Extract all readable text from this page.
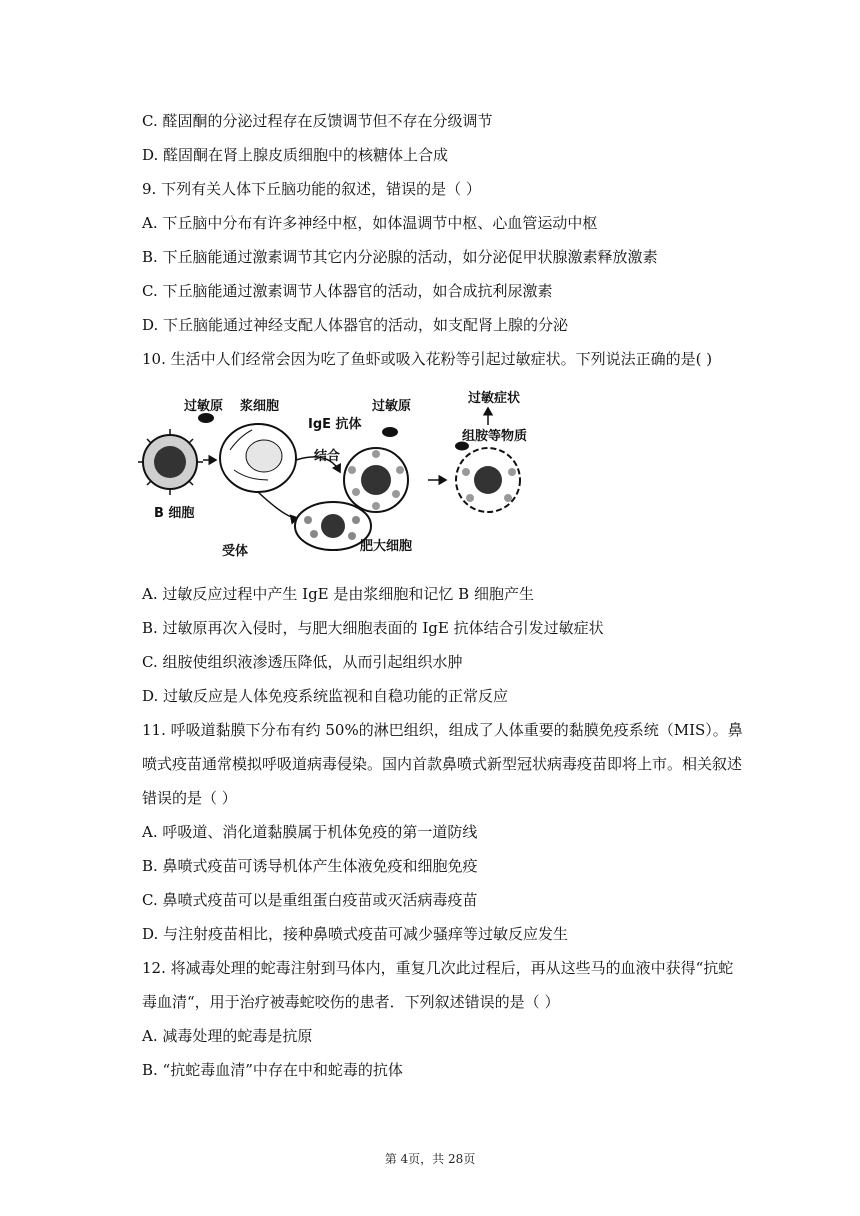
C. 醛固酮的分泌过程存在反馈调节但不存在分级调节
D. 醛固酮在肾上腺皮质细胞中的核糖体上合成
9. 下列有关人体下丘脑功能的叙述，错误的是（ ）
A. 下丘脑中分布有许多神经中枢，如体温调节中枢、心血管运动中枢
B. 下丘脑能通过激素调节其它内分泌腺的活动，如分泌促甲状腺激素释放激素
C. 下丘脑能通过激素调节人体器官的活动，如合成抗利尿激素
D. 下丘脑能通过神经支配人体器官的活动，如支配肾上腺的分泌
10. 生活中人们经常会因为吃了鱼虾或吸入花粉等引起过敏症状。下列说法正确的是( )
B 细胞
过敏原 浆细胞
IgE 抗体
结合
受体
过敏原
肥大细胞
过敏症状
组胺等物质
A. 过敏反应过程中产生 IgE 是由浆细胞和记忆 B 细胞产生
B. 过敏原再次入侵时，与肥大细胞表面的 IgE 抗体结合引发过敏症状
C. 组胺使组织液渗透压降低，从而引起组织水肿
D. 过敏反应是人体免疫系统监视和自稳功能的正常反应
11. 呼吸道黏膜下分布有约 50%的淋巴组织，组成了人体重要的黏膜免疫系统（MIS）。鼻
喷式疫苗通常模拟呼吸道病毒侵染。国内首款鼻喷式新型冠状病毒疫苗即将上市。相关叙述
错误的是（ ）
A. 呼吸道、消化道黏膜属于机体免疫的第一道防线
B. 鼻喷式疫苗可诱导机体产生体液免疫和细胞免疫
C. 鼻喷式疫苗可以是重组蛋白疫苗或灭活病毒疫苗
D. 与注射疫苗相比，接种鼻喷式疫苗可减少骚痒等过敏反应发生
12. 将减毒处理的蛇毒注射到马体内，重复几次此过程后，再从这些马的血液中获得“抗蛇
毒血清“，用于治疗被毒蛇咬伤的患者．下列叙述错误的是（ ）
A. 减毒处理的蛇毒是抗原
B. “抗蛇毒血清”中存在中和蛇毒的抗体
第 4页，共 28页
